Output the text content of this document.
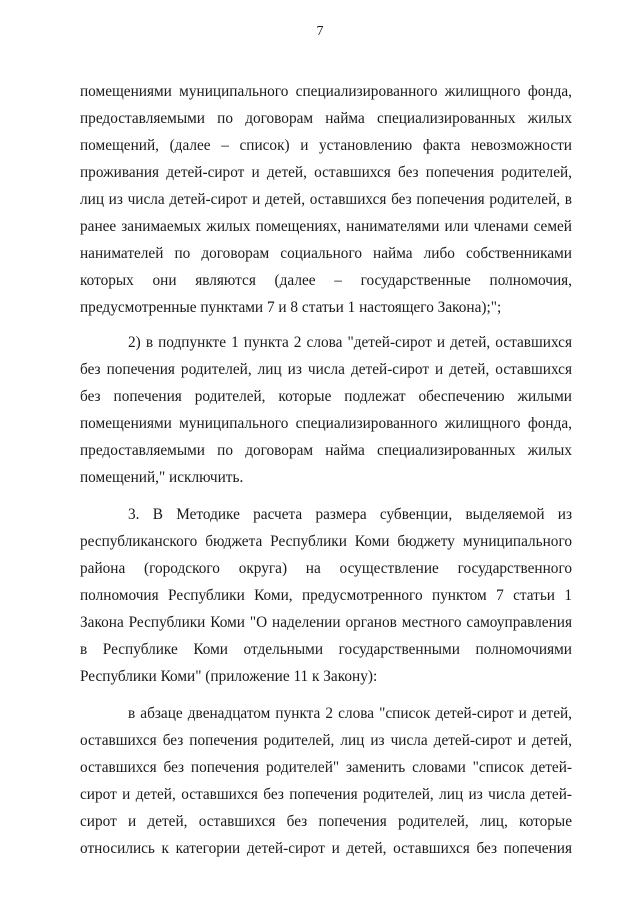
7
помещениями муниципального специализированного жилищного фонда,
предоставляемыми по договорам найма специализированных жилых
помещений, (далее – список) и установлению факта невозможности
проживания детей-сирот и детей, оставшихся без попечения родителей,
лиц из числа детей-сирот и детей, оставшихся без попечения родителей, в
ранее занимаемых жилых помещениях, нанимателями или членами семей
нанимателей по договорам социального найма либо собственниками
которых они являются (далее – государственные полномочия,
предусмотренные пунктами 7 и 8 статьи 1 настоящего Закона);";
2) в подпункте 1 пункта 2 слова "детей-сирот и детей, оставшихся
без попечения родителей, лиц из числа детей-сирот и детей, оставшихся
без попечения родителей, которые подлежат обеспечению жилыми
помещениями муниципального специализированного жилищного фонда,
предоставляемыми по договорам найма специализированных жилых
помещений," исключить.
3. В Методике расчета размера субвенции, выделяемой из
республиканского бюджета Республики Коми бюджету муниципального
района (городского округа) на осуществление государственного
полномочия Республики Коми, предусмотренного пунктом 7 статьи 1
Закона Республики Коми "О наделении органов местного самоуправления
в Республике Коми отдельными государственными полномочиями
Республики Коми" (приложение 11 к Закону):
в абзаце двенадцатом пункта 2 слова "список детей-сирот и детей,
оставшихся без попечения родителей, лиц из числа детей-сирот и детей,
оставшихся без попечения родителей" заменить словами "список детей-
сирот и детей, оставшихся без попечения родителей, лиц из числа детей-
сирот и детей, оставшихся без попечения родителей, лиц, которые
относились к категории детей-сирот и детей, оставшихся без попечения
